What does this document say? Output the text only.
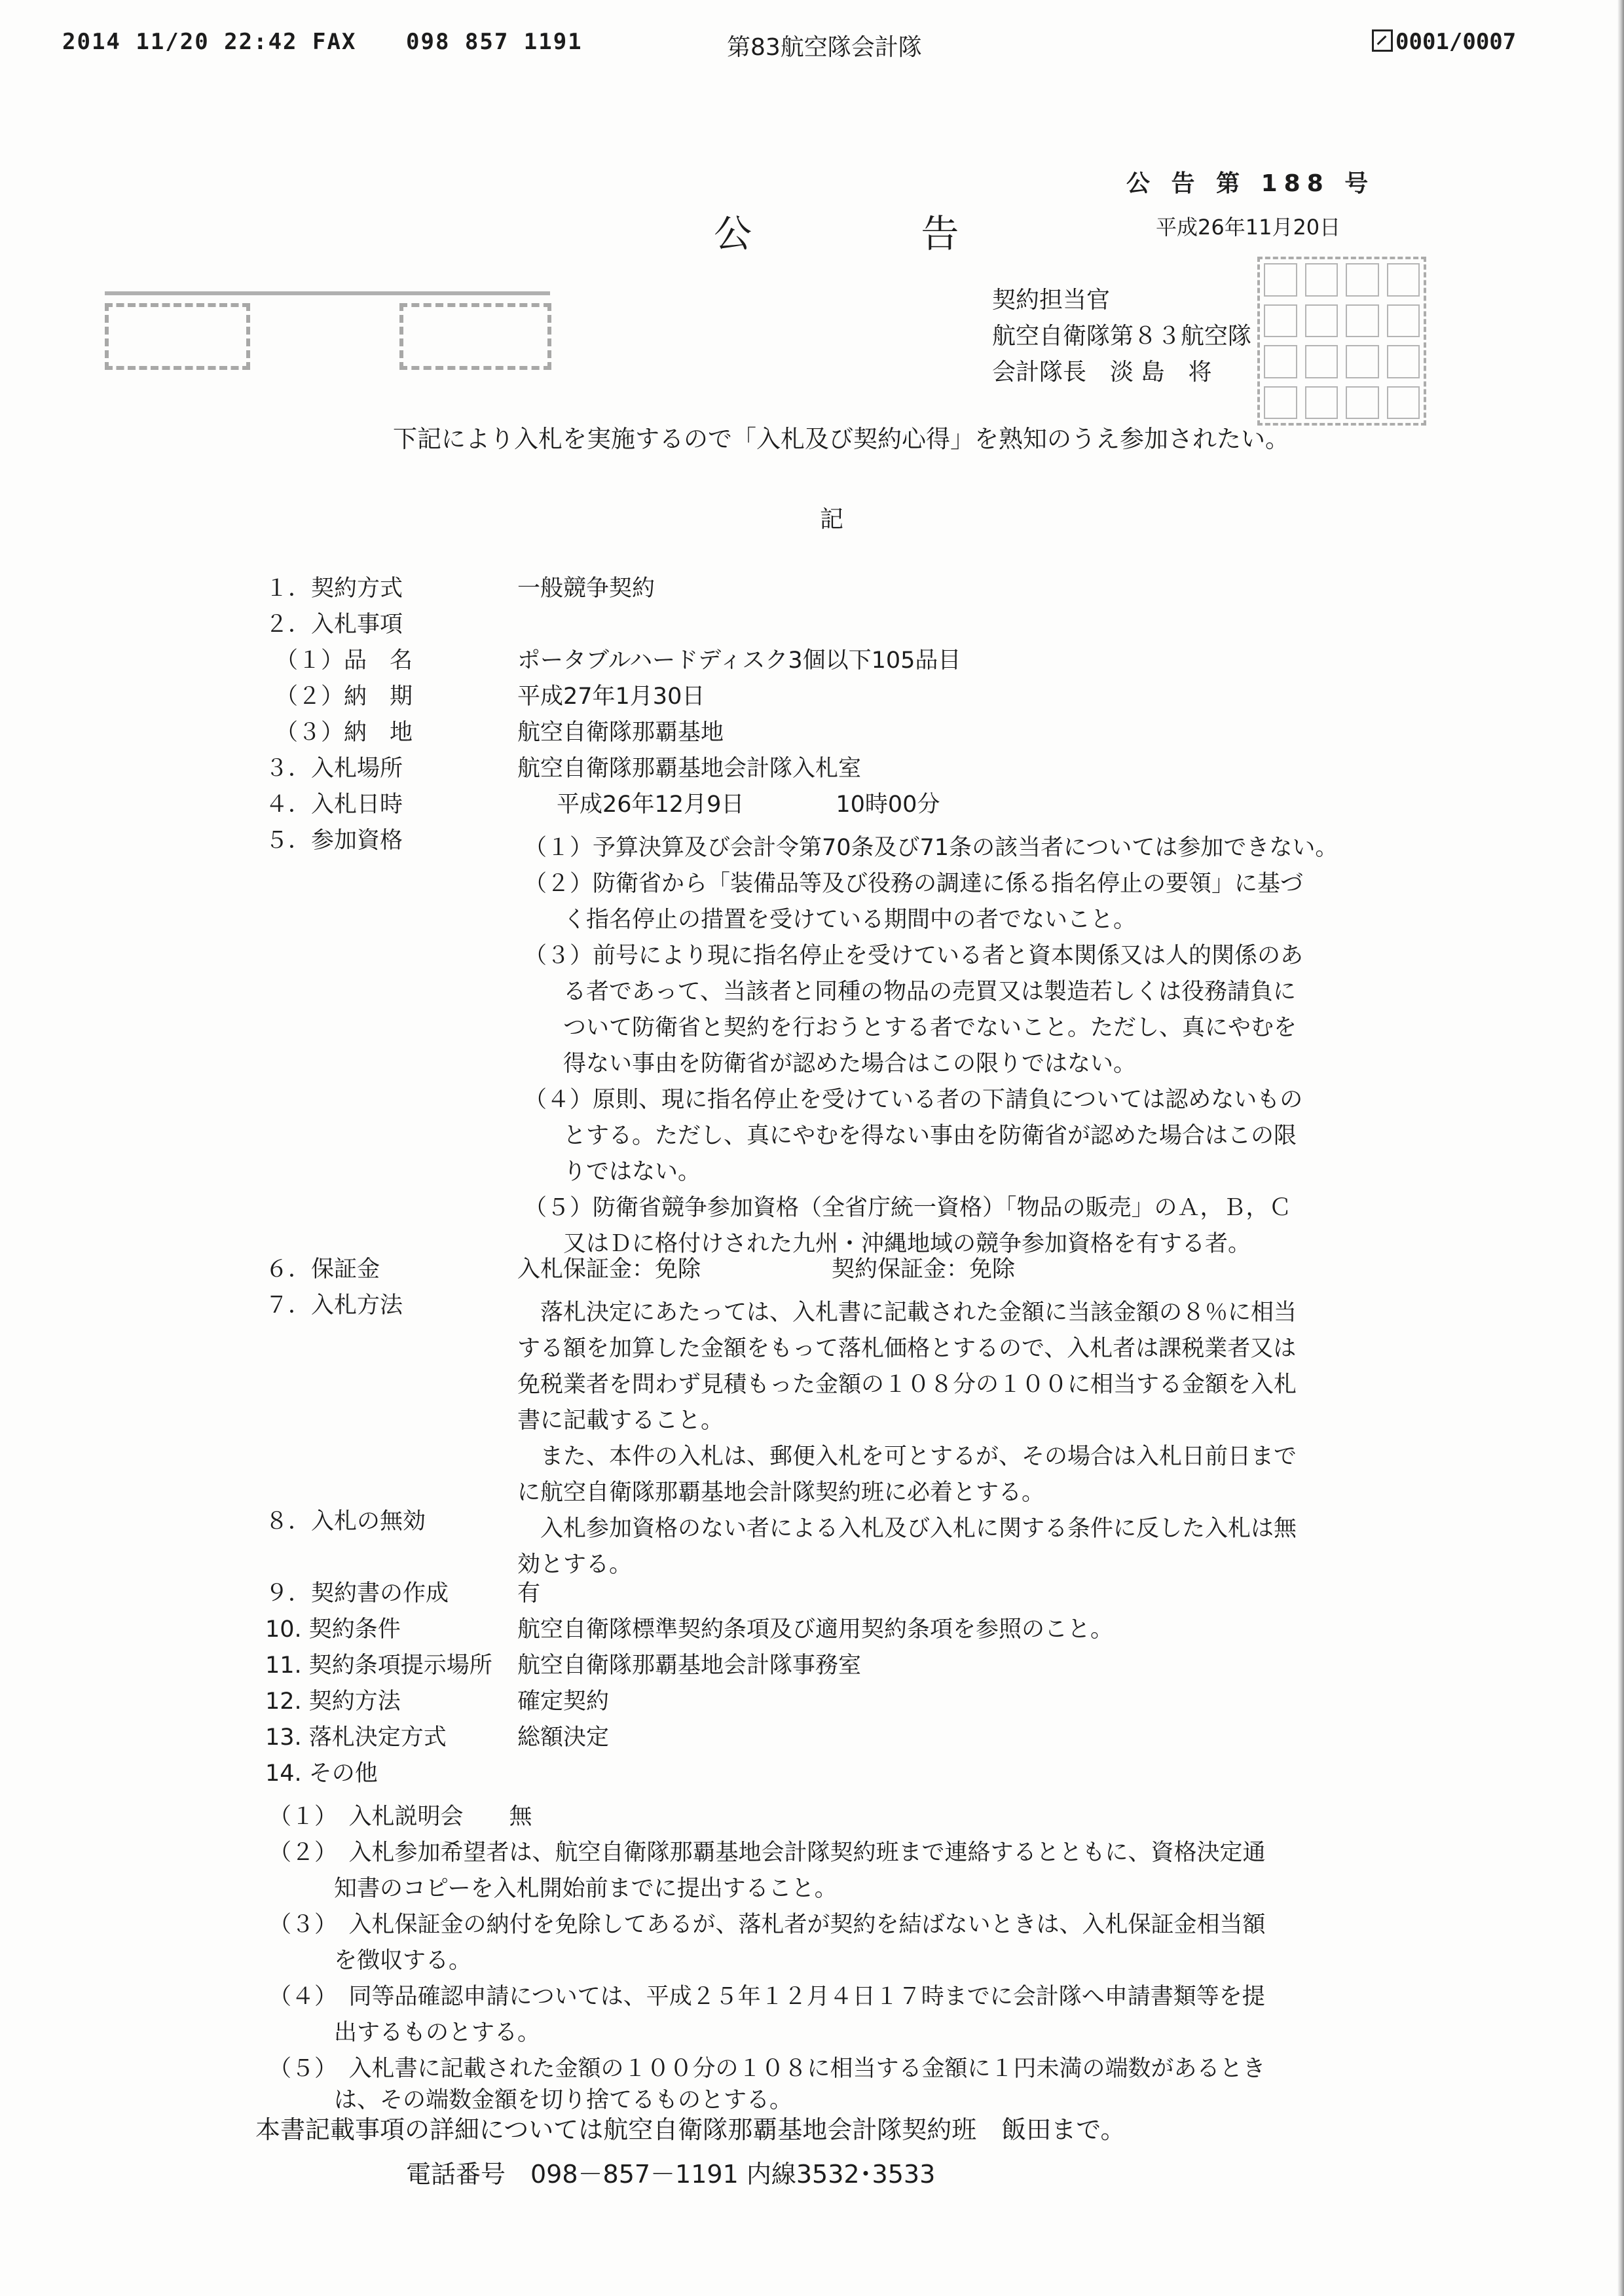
2014 11/20 22:42 FAX 098 857 1191	第83航空隊会計隊	0001/0007
公 告 第 188 号
公 告	平成26年11月20日
契約担当官
航空自衛隊第８３航空隊
会計隊長　淡 島　将
下記により入札を実施するので「入札及び契約心得」を熟知のうえ参加されたい。
記
１．契約方式	一般競争契約
２．入札事項
（１）品　名	ポータブルハードディスク3個以下105品目
（２）納　期	平成27年1月30日
（３）納　地	航空自衛隊那覇基地
３．入札場所	航空自衛隊那覇基地会計隊入札室
４．入札日時	平成26年12月9日　　　　10時00分
５．参加資格	（１）予算決算及び会計令第70条及び71条の該当者については参加できない。
（２）防衛省から「装備品等及び役務の調達に係る指名停止の要領」に基づ
く指名停止の措置を受けている期間中の者でないこと。
（３）前号により現に指名停止を受けている者と資本関係又は人的関係のあ
る者であって、当該者と同種の物品の売買又は製造若しくは役務請負に
ついて防衛省と契約を行おうとする者でないこと。ただし、真にやむを
得ない事由を防衛省が認めた場合はこの限りではない。
（４）原則、現に指名停止を受けている者の下請負については認めないもの
とする。ただし、真にやむを得ない事由を防衛省が認めた場合はこの限
りではない。
（５）防衛省競争参加資格（全省庁統一資格）「物品の販売」のＡ，Ｂ，Ｃ
又はＤに格付けされた九州・沖縄地域の競争参加資格を有する者。
６．保証金	入札保証金：免除	契約保証金：免除
７．入札方法	落札決定にあたっては、入札書に記載された金額に当該金額の８％に相当
する額を加算した金額をもって落札価格とするので、入札者は課税業者又は
免税業者を問わず見積もった金額の１０８分の１００に相当する金額を入札
書に記載すること。
また、本件の入札は、郵便入札を可とするが、その場合は入札日前日まで
に航空自衛隊那覇基地会計隊契約班に必着とする。
８．入札の無効	入札参加資格のない者による入札及び入札に関する条件に反した入札は無
効とする。
９．契約書の作成	有
10. 契約条件	航空自衛隊標準契約条項及び適用契約条項を参照のこと。
11. 契約条項提示場所 航空自衛隊那覇基地会計隊事務室
12. 契約方法	確定契約
13. 落札決定方式	総額決定
14. その他
（１）　入札説明会　　無
（２）　入札参加希望者は、航空自衛隊那覇基地会計隊契約班まで連絡するとともに、資格決定通
知書のコピーを入札開始前までに提出すること。
（３）　入札保証金の納付を免除してあるが、落札者が契約を結ばないときは、入札保証金相当額
を徴収する。
（４）　同等品確認申請については、平成２５年１２月４日１７時までに会計隊へ申請書類等を提
出するものとする。
（５）　入札書に記載された金額の１００分の１０８に相当する金額に１円未満の端数があるとき
本書記載事項の詳細については航空自衛隊那覇基地会計隊契約班　飯田まで。
は、その端数金額を切り捨てるものとする。
電話番号　098－857－1191 内線3532･3533
